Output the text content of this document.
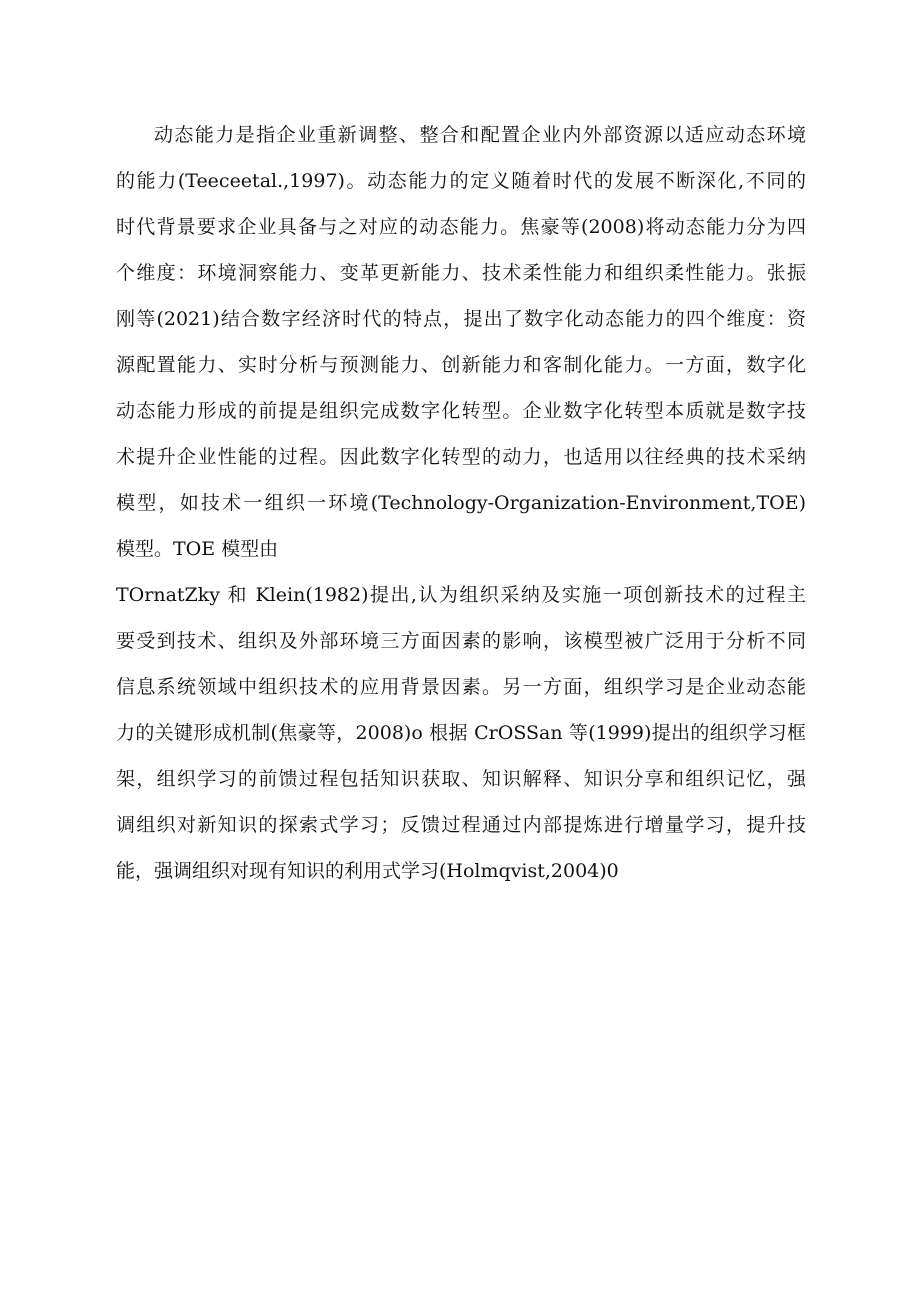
动态能力是指企业重新调整、整合和配置企业内外部资源以适应动态环境
的能力(Teeceetal.,1997)。动态能力的定义随着时代的发展不断深化,不同的
时代背景要求企业具备与之对应的动态能力。焦豪等(2008)将动态能力分为四
个维度：环境洞察能力、变革更新能力、技术柔性能力和组织柔性能力。张振
刚等(2021)结合数字经济时代的特点，提出了数字化动态能力的四个维度：资
源配置能力、实时分析与预测能力、创新能力和客制化能力。一方面，数字化
动态能力形成的前提是组织完成数字化转型。企业数字化转型本质就是数字技
术提升企业性能的过程。因此数字化转型的动力，也适用以往经典的技术采纳
模型，如技术一组织一环境(Technology-Organization-Environment,TOE)
模型。TOE 模型由
TOrnatZky 和 Klein(1982)提出,认为组织采纳及实施一项创新技术的过程主
要受到技术、组织及外部环境三方面因素的影响，该模型被广泛用于分析不同
信息系统领域中组织技术的应用背景因素。另一方面，组织学习是企业动态能
力的关键形成机制(焦豪等，2008)o 根据 CrOSSan 等(1999)提出的组织学习框
架，组织学习的前馈过程包括知识获取、知识解释、知识分享和组织记忆，强
调组织对新知识的探索式学习；反馈过程通过内部提炼进行增量学习，提升技
能，强调组织对现有知识的利用式学习(Holmqvist,2004)0
